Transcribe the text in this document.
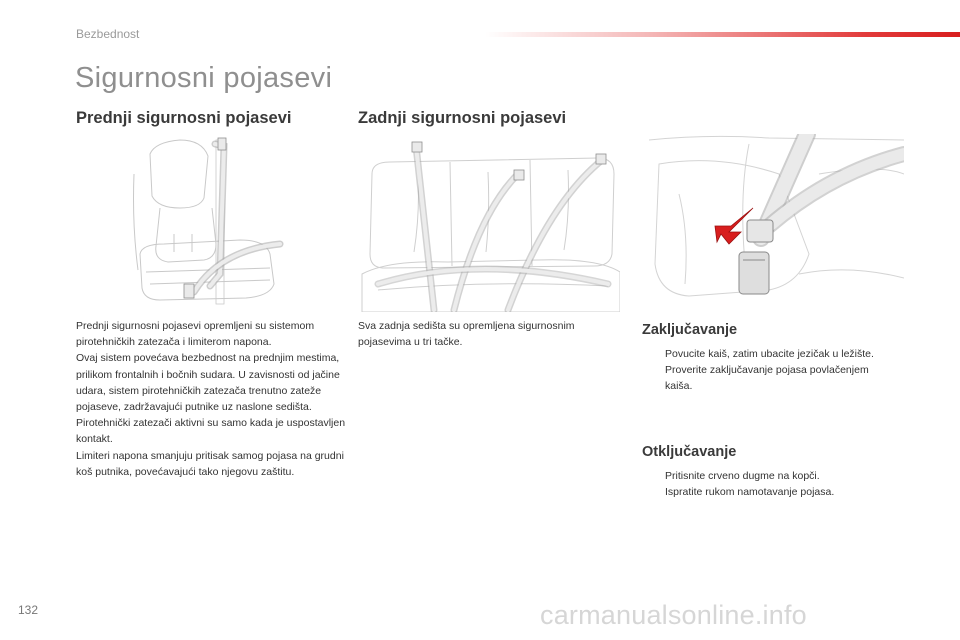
Bezbednost
Sigurnosni pojasevi
Prednji sigurnosni pojasevi	Zadnji sigurnosni pojasevi

Prednji sigurnosni pojasevi opremljeni su sistemom pirotehničkih zatezača i limiterom napona.

Ovaj sistem povećava bezbednost na prednjim mestima, prilikom frontalnih i bočnih sudara. U zavisnosti od jačine udara, sistem pirotehničkih zatezača trenutno zateže pojaseve, zadržavajući putnike uz naslone sedišta.

Pirotehnički zatezači aktivni su samo kada je uspostavljen kontakt.

Limiteri napona smanjuju pritisak samog pojasa na grudni koš putnika, povećavajući tako njegovu zaštitu.

Sva zadnja sedišta su opremljena sigurnosnim pojasevima u tri tačke.
Zaključavanje
Povucite kaiš, zatim ubacite jezičak u ležište.
Proverite zaključavanje pojasa povlačenjem kaiša.
Otključavanje
Pritisnite crveno dugme na kopči.
Ispratite rukom namotavanje pojasa.
132	carmanualsonline.info
